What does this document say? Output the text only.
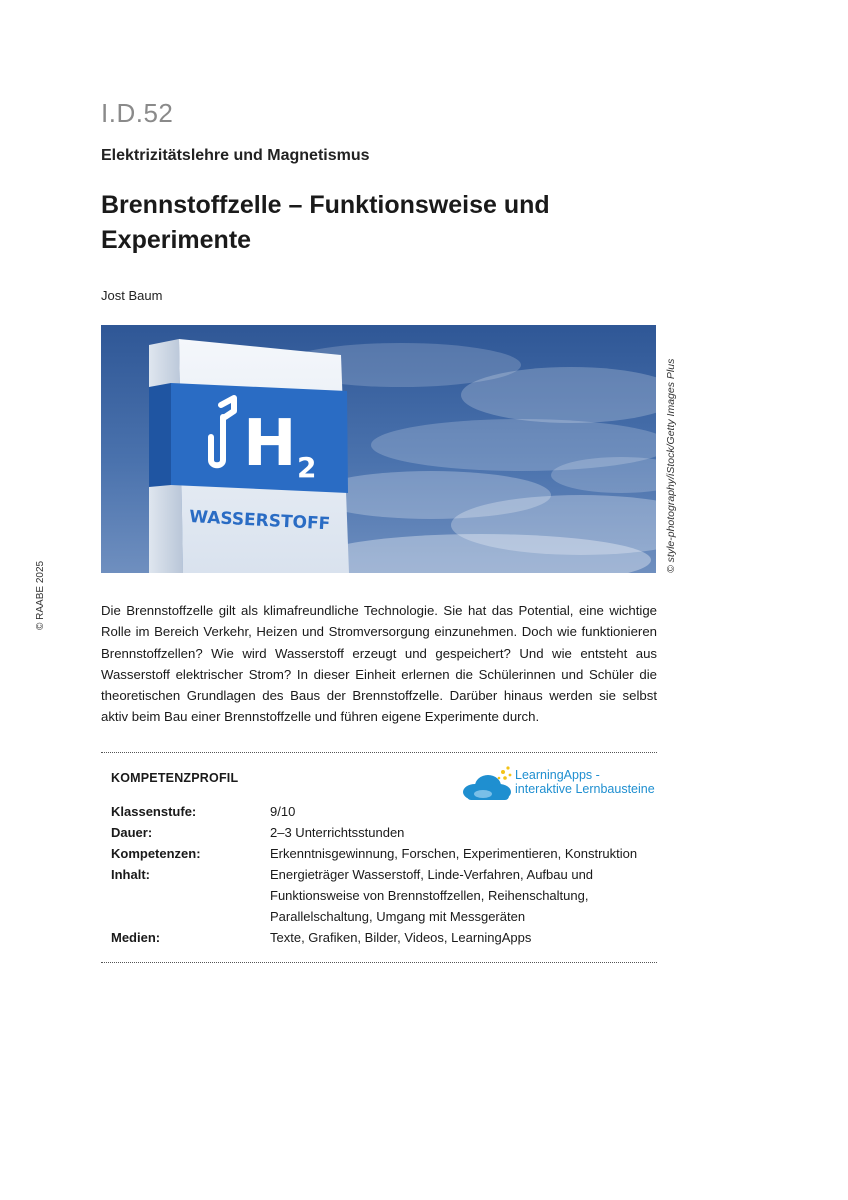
I.D.52
Elektrizitätslehre und Magnetismus
Brennstoffzelle – Funktionsweise und Experimente
Jost Baum
H 2
WASSERSTOFF	© style-photography/iStock/Getty Images Plus
© RAABE 2025	Die Brennstoffzelle gilt als klimafreundliche Technologie. Sie hat das Potential, eine wichtige Rolle im Bereich Verkehr, Heizen und Stromversorgung einzunehmen. Doch wie funktionieren Brennstoffzellen? Wie wird Wasserstoff erzeugt und gespeichert? Und wie entsteht aus Wasserstoff elektrischer Strom? In dieser Einheit erlernen die Schülerinnen und Schüler die theoretischen Grundlagen des Baus der Brennstoffzelle. Darüber hinaus werden sie selbst aktiv beim Bau einer Brennstoffzelle und führen eigene Experimente durch.

KOMPETENZPROFIL	LearningApps -
interaktive Lernbausteine
Klassenstufe:	9/10
Dauer:	2–3 Unterrichtsstunden
Kompetenzen:	Erkenntnisgewinnung, Forschen, Experimentieren, Konstruktion
Inhalt:	Energieträger Wasserstoff, Linde-Verfahren, Aufbau und Funktionsweise von Brennstoffzellen, Reihenschaltung, Parallelschaltung, Umgang mit Messgeräten
Medien:	Texte, Grafiken, Bilder, Videos, LearningApps
